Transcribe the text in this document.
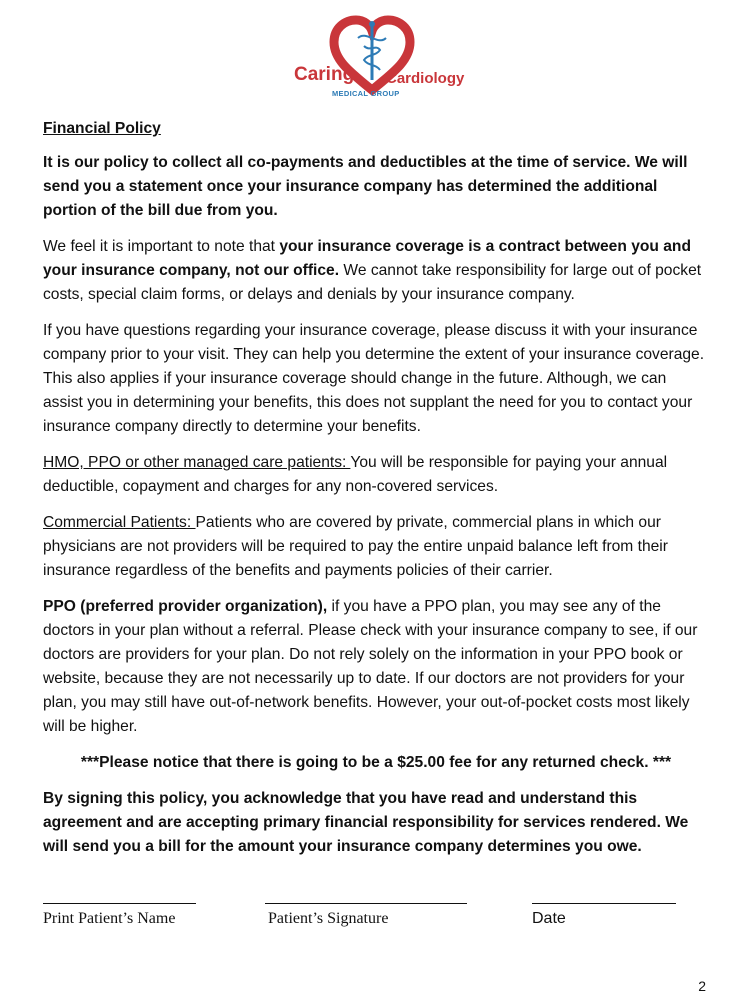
Caring Cardiology
MEDICAL GROUP

Financial Policy

It is our policy to collect all co-payments and deductibles at the time of service. We will send you a statement once your insurance company has determined the additional portion of the bill due from you.

We feel it is important to note that your insurance coverage is a contract between you and your insurance company, not our office. We cannot take responsibility for large out of pocket costs, special claim forms, or delays and denials by your insurance company.

If you have questions regarding your insurance coverage, please discuss it with your insurance company prior to your visit. They can help you determine the extent of your insurance coverage. This also applies if your insurance coverage should change in the future. Although, we can assist you in determining your benefits, this does not supplant the need for you to contact your insurance company directly to determine your benefits.

HMO, PPO or other managed care patients: You will be responsible for paying your annual deductible, copayment and charges for any non-covered services.

Commercial Patients: Patients who are covered by private, commercial plans in which our physicians are not providers will be required to pay the entire unpaid balance left from their insurance regardless of the benefits and payments policies of their carrier.

PPO (preferred provider organization), if you have a PPO plan, you may see any of the doctors in your plan without a referral. Please check with your insurance company to see, if our doctors are providers for your plan. Do not rely solely on the information in your PPO book or website, because they are not necessarily up to date. If our doctors are not providers for your plan, you may still have out-of-network benefits. However, your out-of-pocket costs most likely will be higher.

***Please notice that there is going to be a $25.00 fee for any returned check. ***

By signing this policy, you acknowledge that you have read and understand this agreement and are accepting primary financial responsibility for services rendered. We will send you a bill for the amount your insurance company determines you owe.

Print Patient’s Name	Patient’s Signature	Date
2
